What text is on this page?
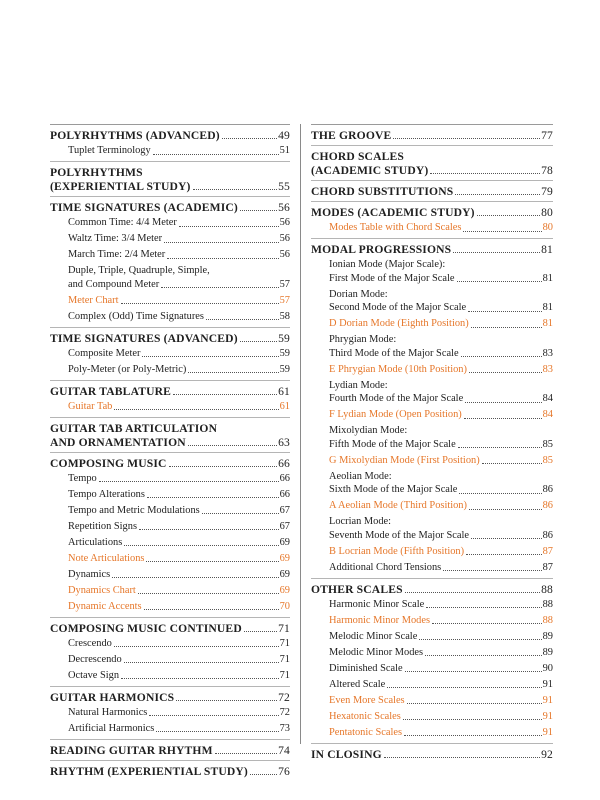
POLYRHYTHMS (ADVANCED)	49
Tuplet Terminology	51
POLYRHYTHMS
(EXPERIENTIAL STUDY)	55
TIME SIGNATURES (ACADEMIC)	56
Common Time: 4/4 Meter	56
Waltz Time: 3/4 Meter	56
March Time: 2/4 Meter	56
Duple, Triple, Quadruple, Simple,
and Compound Meter	57
Meter Chart	57
Complex (Odd) Time Signatures	58
TIME SIGNATURES (ADVANCED)	59
Composite Meter	59
Poly-Meter (or Poly-Metric)	59
GUITAR TABLATURE	61
Guitar Tab	61
GUITAR TAB ARTICULATION
AND ORNAMENTATION	63
COMPOSING MUSIC	66
Tempo	66
Tempo Alterations	66
Tempo and Metric Modulations	67
Repetition Signs	67
Articulations	69
Note Articulations	69
Dynamics	69
Dynamics Chart	69
Dynamic Accents	70
COMPOSING MUSIC CONTINUED	71
Crescendo	71
Decrescendo	71
Octave Sign	71
GUITAR HARMONICS	72
Natural Harmonics	72
Artificial Harmonics	73
READING GUITAR RHYTHM	74
RHYTHM (EXPERIENTIAL STUDY)	76
THE GROOVE	77
CHORD SCALES
(ACADEMIC STUDY)	78
CHORD SUBSTITUTIONS	79
MODES (ACADEMIC STUDY)	80
Modes Table with Chord Scales	80
MODAL PROGRESSIONS	81
Ionian Mode (Major Scale):
First Mode of the Major Scale	81
Dorian Mode:
Second Mode of the Major Scale	81
D Dorian Mode (Eighth Position)	81
Phrygian Mode:
Third Mode of the Major Scale	83
E Phrygian Mode (10th Position)	83
Lydian Mode:
Fourth Mode of the Major Scale	84
F Lydian Mode (Open Position)	84
Mixolydian Mode:
Fifth Mode of the Major Scale	85
G Mixolydian Mode (First Position)	85
Aeolian Mode:
Sixth Mode of the Major Scale	86
A Aeolian Mode (Third Position)	86
Locrian Mode:
Seventh Mode of the Major Scale	86
B Locrian Mode (Fifth Position)	87
Additional Chord Tensions	87
OTHER SCALES	88
Harmonic Minor Scale	88
Harmonic Minor Modes	88
Melodic Minor Scale	89
Melodic Minor Modes	89
Diminished Scale	90
Altered Scale	91
Even More Scales	91
Hexatonic Scales	91
Pentatonic Scales	91
IN CLOSING	92
